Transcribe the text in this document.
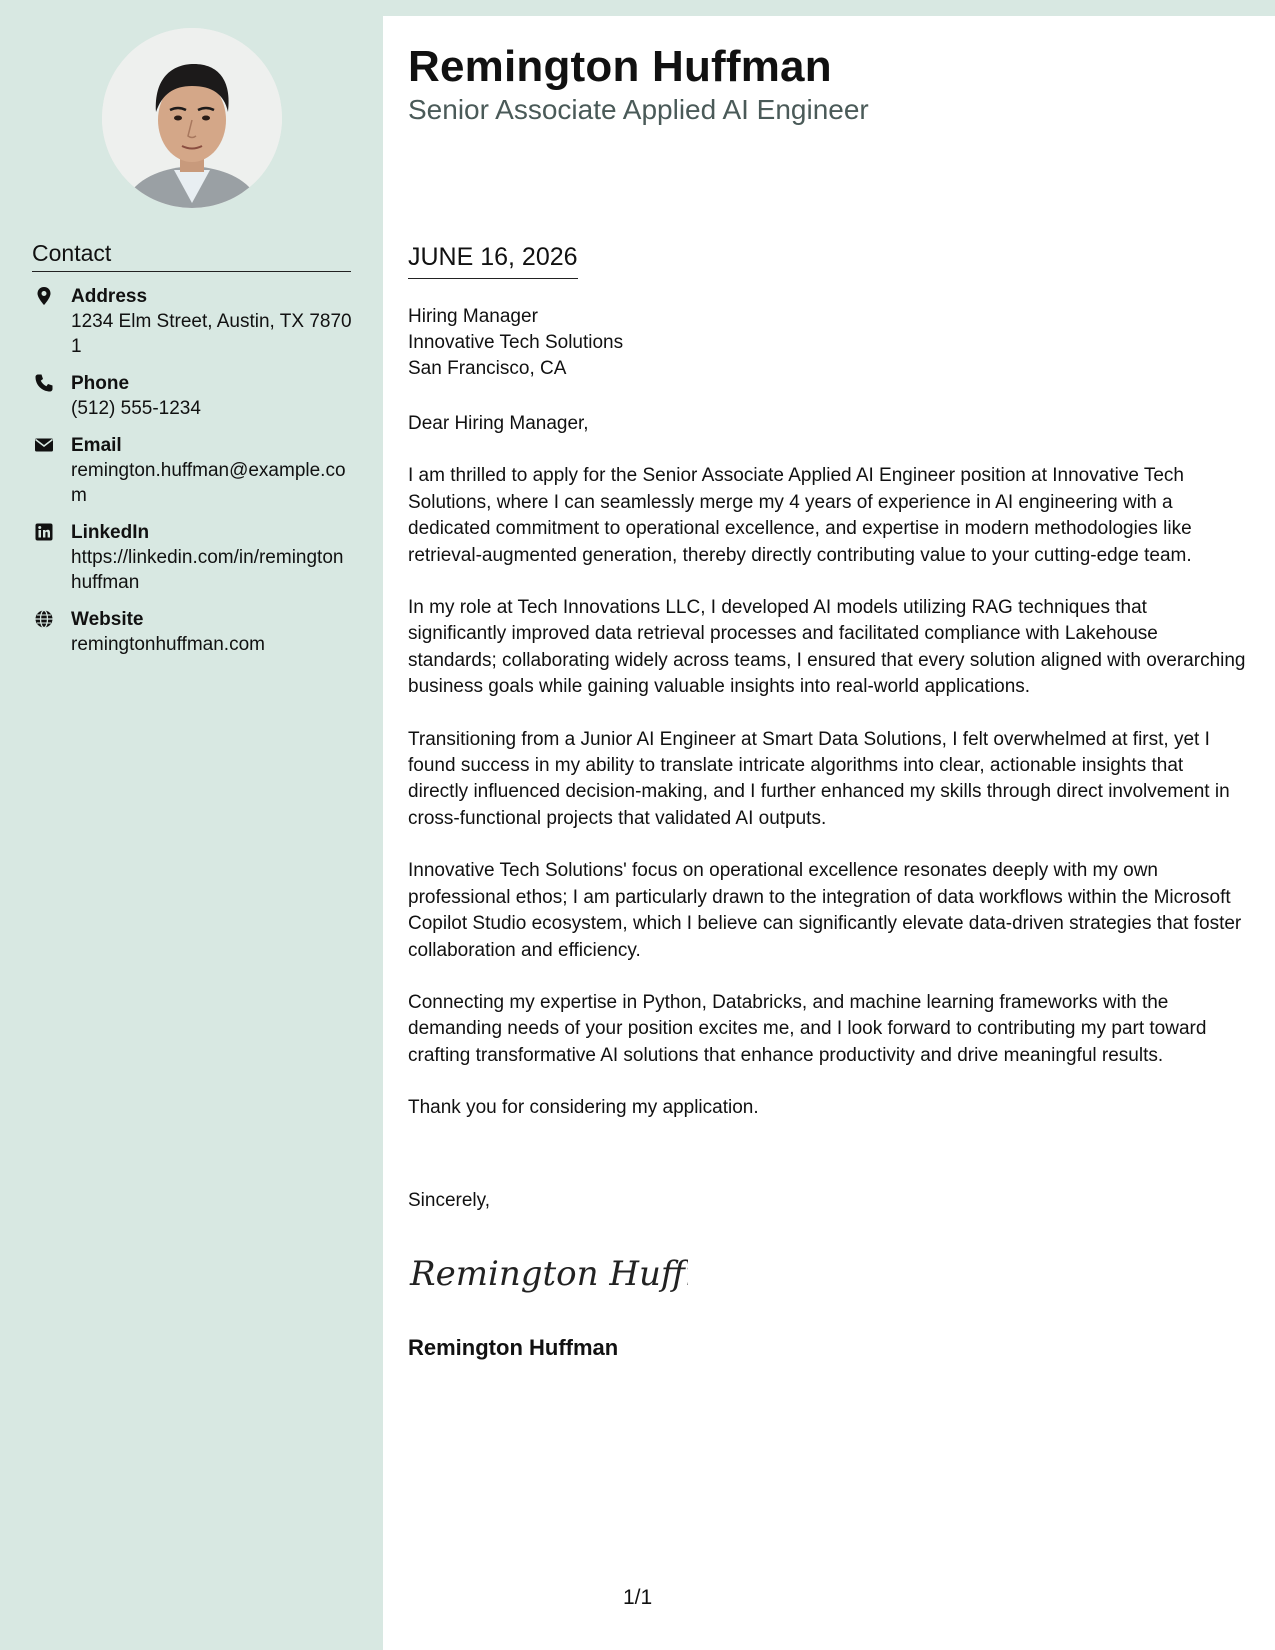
Contact
Address
1234 Elm Street, Austin, TX 78701
Phone
(512) 555-1234
Email
remington.huffman@example.com
LinkedIn
https://linkedin.com/in/remingtonhuffman
Website
remingtonhuffman.com
Remington Huffman
Senior Associate Applied AI Engineer
JUNE 16, 2026
Hiring Manager
Innovative Tech Solutions
San Francisco, CA

Dear Hiring Manager,

I am thrilled to apply for the Senior Associate Applied AI Engineer position at Innovative Tech Solutions, where I can seamlessly merge my 4 years of experience in AI engineering with a dedicated commitment to operational excellence, and expertise in modern methodologies like retrieval-augmented generation, thereby directly contributing value to your cutting-edge team.

In my role at Tech Innovations LLC, I developed AI models utilizing RAG techniques that significantly improved data retrieval processes and facilitated compliance with Lakehouse standards; collaborating widely across teams, I ensured that every solution aligned with overarching business goals while gaining valuable insights into real-world applications.

Transitioning from a Junior AI Engineer at Smart Data Solutions, I felt overwhelmed at first, yet I found success in my ability to translate intricate algorithms into clear, actionable insights that directly influenced decision-making, and I further enhanced my skills through direct involvement in cross-functional projects that validated AI outputs.

Innovative Tech Solutions' focus on operational excellence resonates deeply with my own professional ethos; I am particularly drawn to the integration of data workflows within the Microsoft Copilot Studio ecosystem, which I believe can significantly elevate data-driven strategies that foster collaboration and efficiency.

Connecting my expertise in Python, Databricks, and machine learning frameworks with the demanding needs of your position excites me, and I look forward to contributing my part toward crafting transformative AI solutions that enhance productivity and drive meaningful results.

Thank you for considering my application.

Sincerely,
Remington Huffm
Remington Huffman
1/1
